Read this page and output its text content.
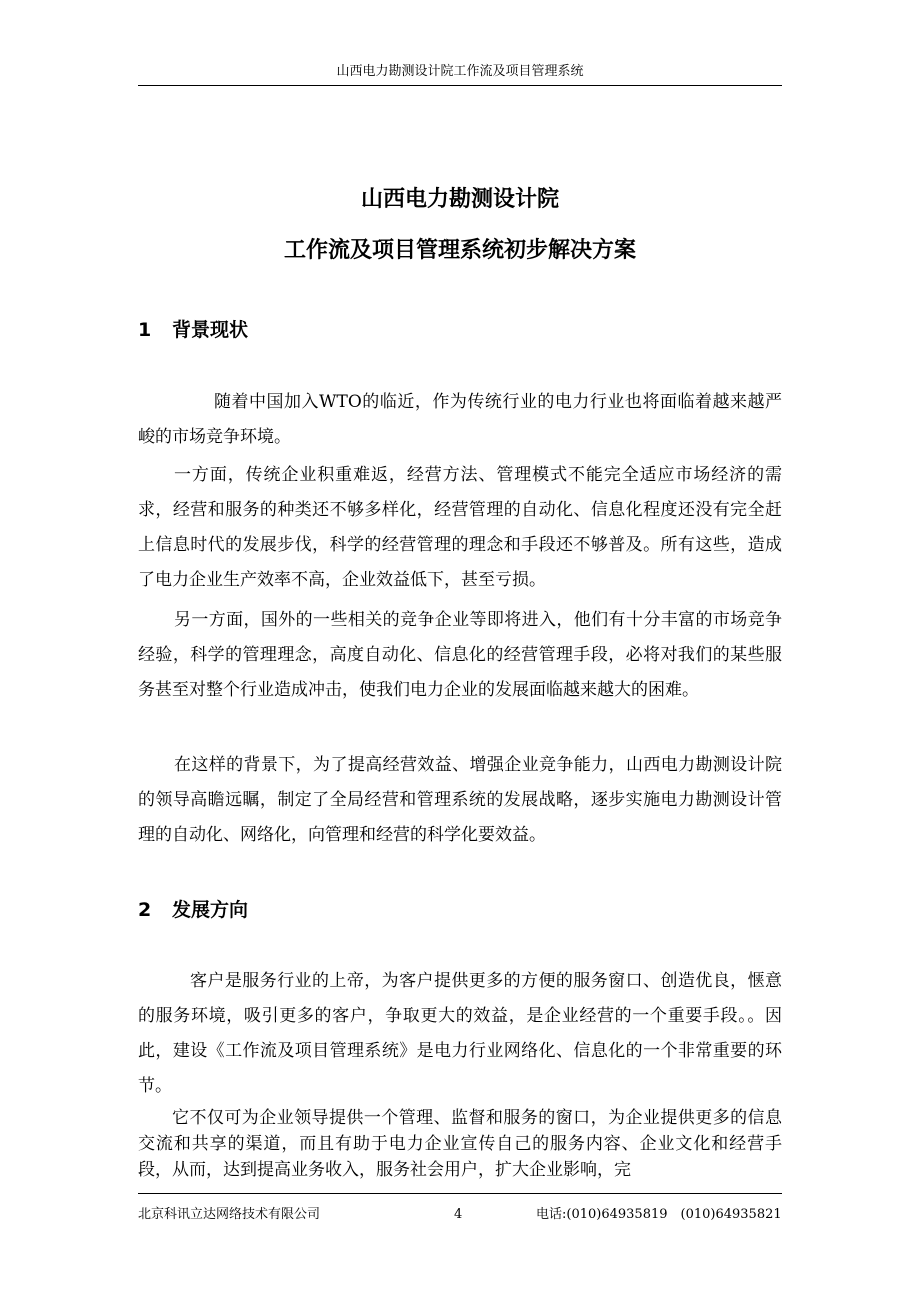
山西电力勘测设计院工作流及项目管理系统
山西电力勘测设计院
工作流及项目管理系统初步解决方案
1 背景现状

随着中国加入WTO的临近，作为传统行业的电力行业也将面临着越来越严峻的市场竞争环境。

一方面，传统企业积重难返，经营方法、管理模式不能完全适应市场经济的需求，经营和服务的种类还不够多样化，经营管理的自动化、信息化程度还没有完全赶上信息时代的发展步伐，科学的经营管理的理念和手段还不够普及。所有这些，造成了电力企业生产效率不高，企业效益低下，甚至亏损。

另一方面，国外的一些相关的竞争企业等即将进入，他们有十分丰富的市场竞争经验，科学的管理理念，高度自动化、信息化的经营管理手段，必将对我们的某些服务甚至对整个行业造成冲击，使我们电力企业的发展面临越来越大的困难。

在这样的背景下，为了提高经营效益、增强企业竞争能力，山西电力勘测设计院的领导高瞻远瞩，制定了全局经营和管理系统的发展战略，逐步实施电力勘测设计管理的自动化、网络化，向管理和经营的科学化要效益。

2 发展方向

客户是服务行业的上帝，为客户提供更多的方便的服务窗口、创造优良，惬意的服务环境，吸引更多的客户，争取更大的效益，是企业经营的一个重要手段。。因此，建设《工作流及项目管理系统》是电力行业网络化、信息化的一个非常重要的环节。

它不仅可为企业领导提供一个管理、监督和服务的窗口，为企业提供更多的信息交流和共享的渠道，而且有助于电力企业宣传自己的服务内容、企业文化和经营手段，从而，达到提高业务收入，服务社会用户，扩大企业影响，完

北京科讯立达网络技术有限公司	4	电话:(010)64935819　(010)64935821
